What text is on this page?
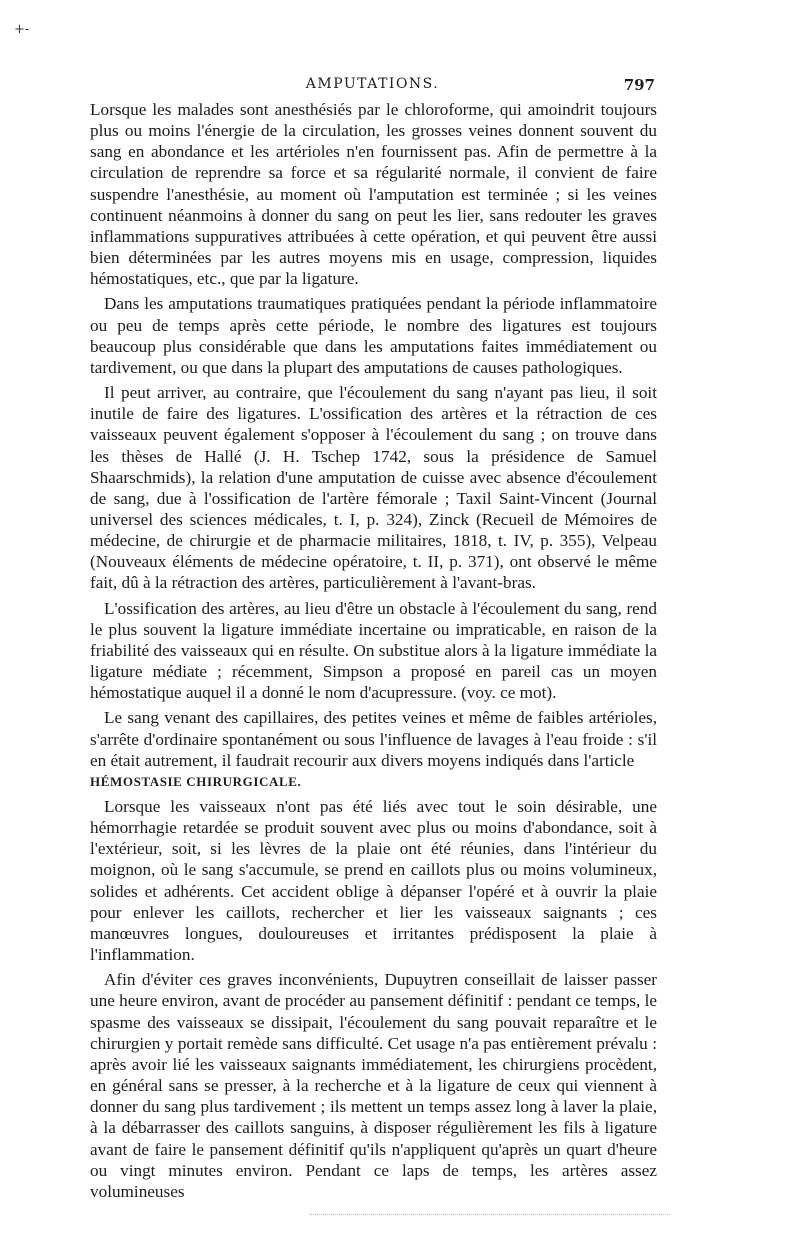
+-
AMPUTATIONS.	797

Lorsque les malades sont anesthésiés par le chloroforme, qui amoindrit toujours plus ou moins l'énergie de la circulation, les grosses veines donnent souvent du sang en abondance et les artérioles n'en fournissent pas. Afin de permettre à la circulation de reprendre sa force et sa régularité normale, il convient de faire suspendre l'anesthésie, au moment où l'amputation est terminée ; si les veines continuent néanmoins à donner du sang on peut les lier, sans redouter les graves inflammations suppuratives attribuées à cette opération, et qui peuvent être aussi bien déterminées par les autres moyens mis en usage, compression, liquides hémostatiques, etc., que par la ligature.

Dans les amputations traumatiques pratiquées pendant la période inflammatoire ou peu de temps après cette période, le nombre des ligatures est toujours beaucoup plus considérable que dans les amputations faites immédiatement ou tardivement, ou que dans la plupart des amputations de causes pathologiques.

Il peut arriver, au contraire, que l'écoulement du sang n'ayant pas lieu, il soit inutile de faire des ligatures. L'ossification des artères et la rétraction de ces vaisseaux peuvent également s'opposer à l'écoulement du sang ; on trouve dans les thèses de Hallé (J. H. Tschep 1742, sous la présidence de Samuel Shaarschmids), la relation d'une amputation de cuisse avec absence d'écoulement de sang, due à l'ossification de l'artère fémorale ; Taxil Saint-Vincent (Journal universel des sciences médicales, t. I, p. 324), Zinck (Recueil de Mémoires de médecine, de chirurgie et de pharmacie militaires, 1818, t. IV, p. 355), Velpeau (Nouveaux éléments de médecine opératoire, t. II, p. 371), ont observé le même fait, dû à la rétraction des artères, particulièrement à l'avant-bras.

L'ossification des artères, au lieu d'être un obstacle à l'écoulement du sang, rend le plus souvent la ligature immédiate incertaine ou impraticable, en raison de la friabilité des vaisseaux qui en résulte. On substitue alors à la ligature immédiate la ligature médiate ; récemment, Simpson a proposé en pareil cas un moyen hémostatique auquel il a donné le nom d'acupressure. (voy. ce mot).

Le sang venant des capillaires, des petites veines et même de faibles artérioles, s'arrête d'ordinaire spontanément ou sous l'influence de lavages à l'eau froide : s'il en était autrement, il faudrait recourir aux divers moyens indiqués dans l'article
HÉMOSTASIE CHIRURGICALE.

Lorsque les vaisseaux n'ont pas été liés avec tout le soin désirable, une hémorrhagie retardée se produit souvent avec plus ou moins d'abondance, soit à l'extérieur, soit, si les lèvres de la plaie ont été réunies, dans l'intérieur du moignon, où le sang s'accumule, se prend en caillots plus ou moins volumineux, solides et adhérents. Cet accident oblige à dépanser l'opéré et à ouvrir la plaie pour enlever les caillots, rechercher et lier les vaisseaux saignants ; ces manœuvres longues, douloureuses et irritantes prédisposent la plaie à l'inflammation.

Afin d'éviter ces graves inconvénients, Dupuytren conseillait de laisser passer une heure environ, avant de procéder au pansement définitif : pendant ce temps, le spasme des vaisseaux se dissipait, l'écoulement du sang pouvait reparaître et le chirurgien y portait remède sans difficulté. Cet usage n'a pas entièrement prévalu : après avoir lié les vaisseaux saignants immédiatement, les chirurgiens procèdent, en général sans se presser, à la recherche et à la ligature de ceux qui viennent à donner du sang plus tardivement ; ils mettent un temps assez long à laver la plaie, à la débarrasser des caillots sanguins, à disposer régulièrement les fils à ligature avant de faire le pansement définitif qu'ils n'appliquent qu'après un quart d'heure ou vingt minutes environ. Pendant ce laps de temps, les artères assez volumineuses
